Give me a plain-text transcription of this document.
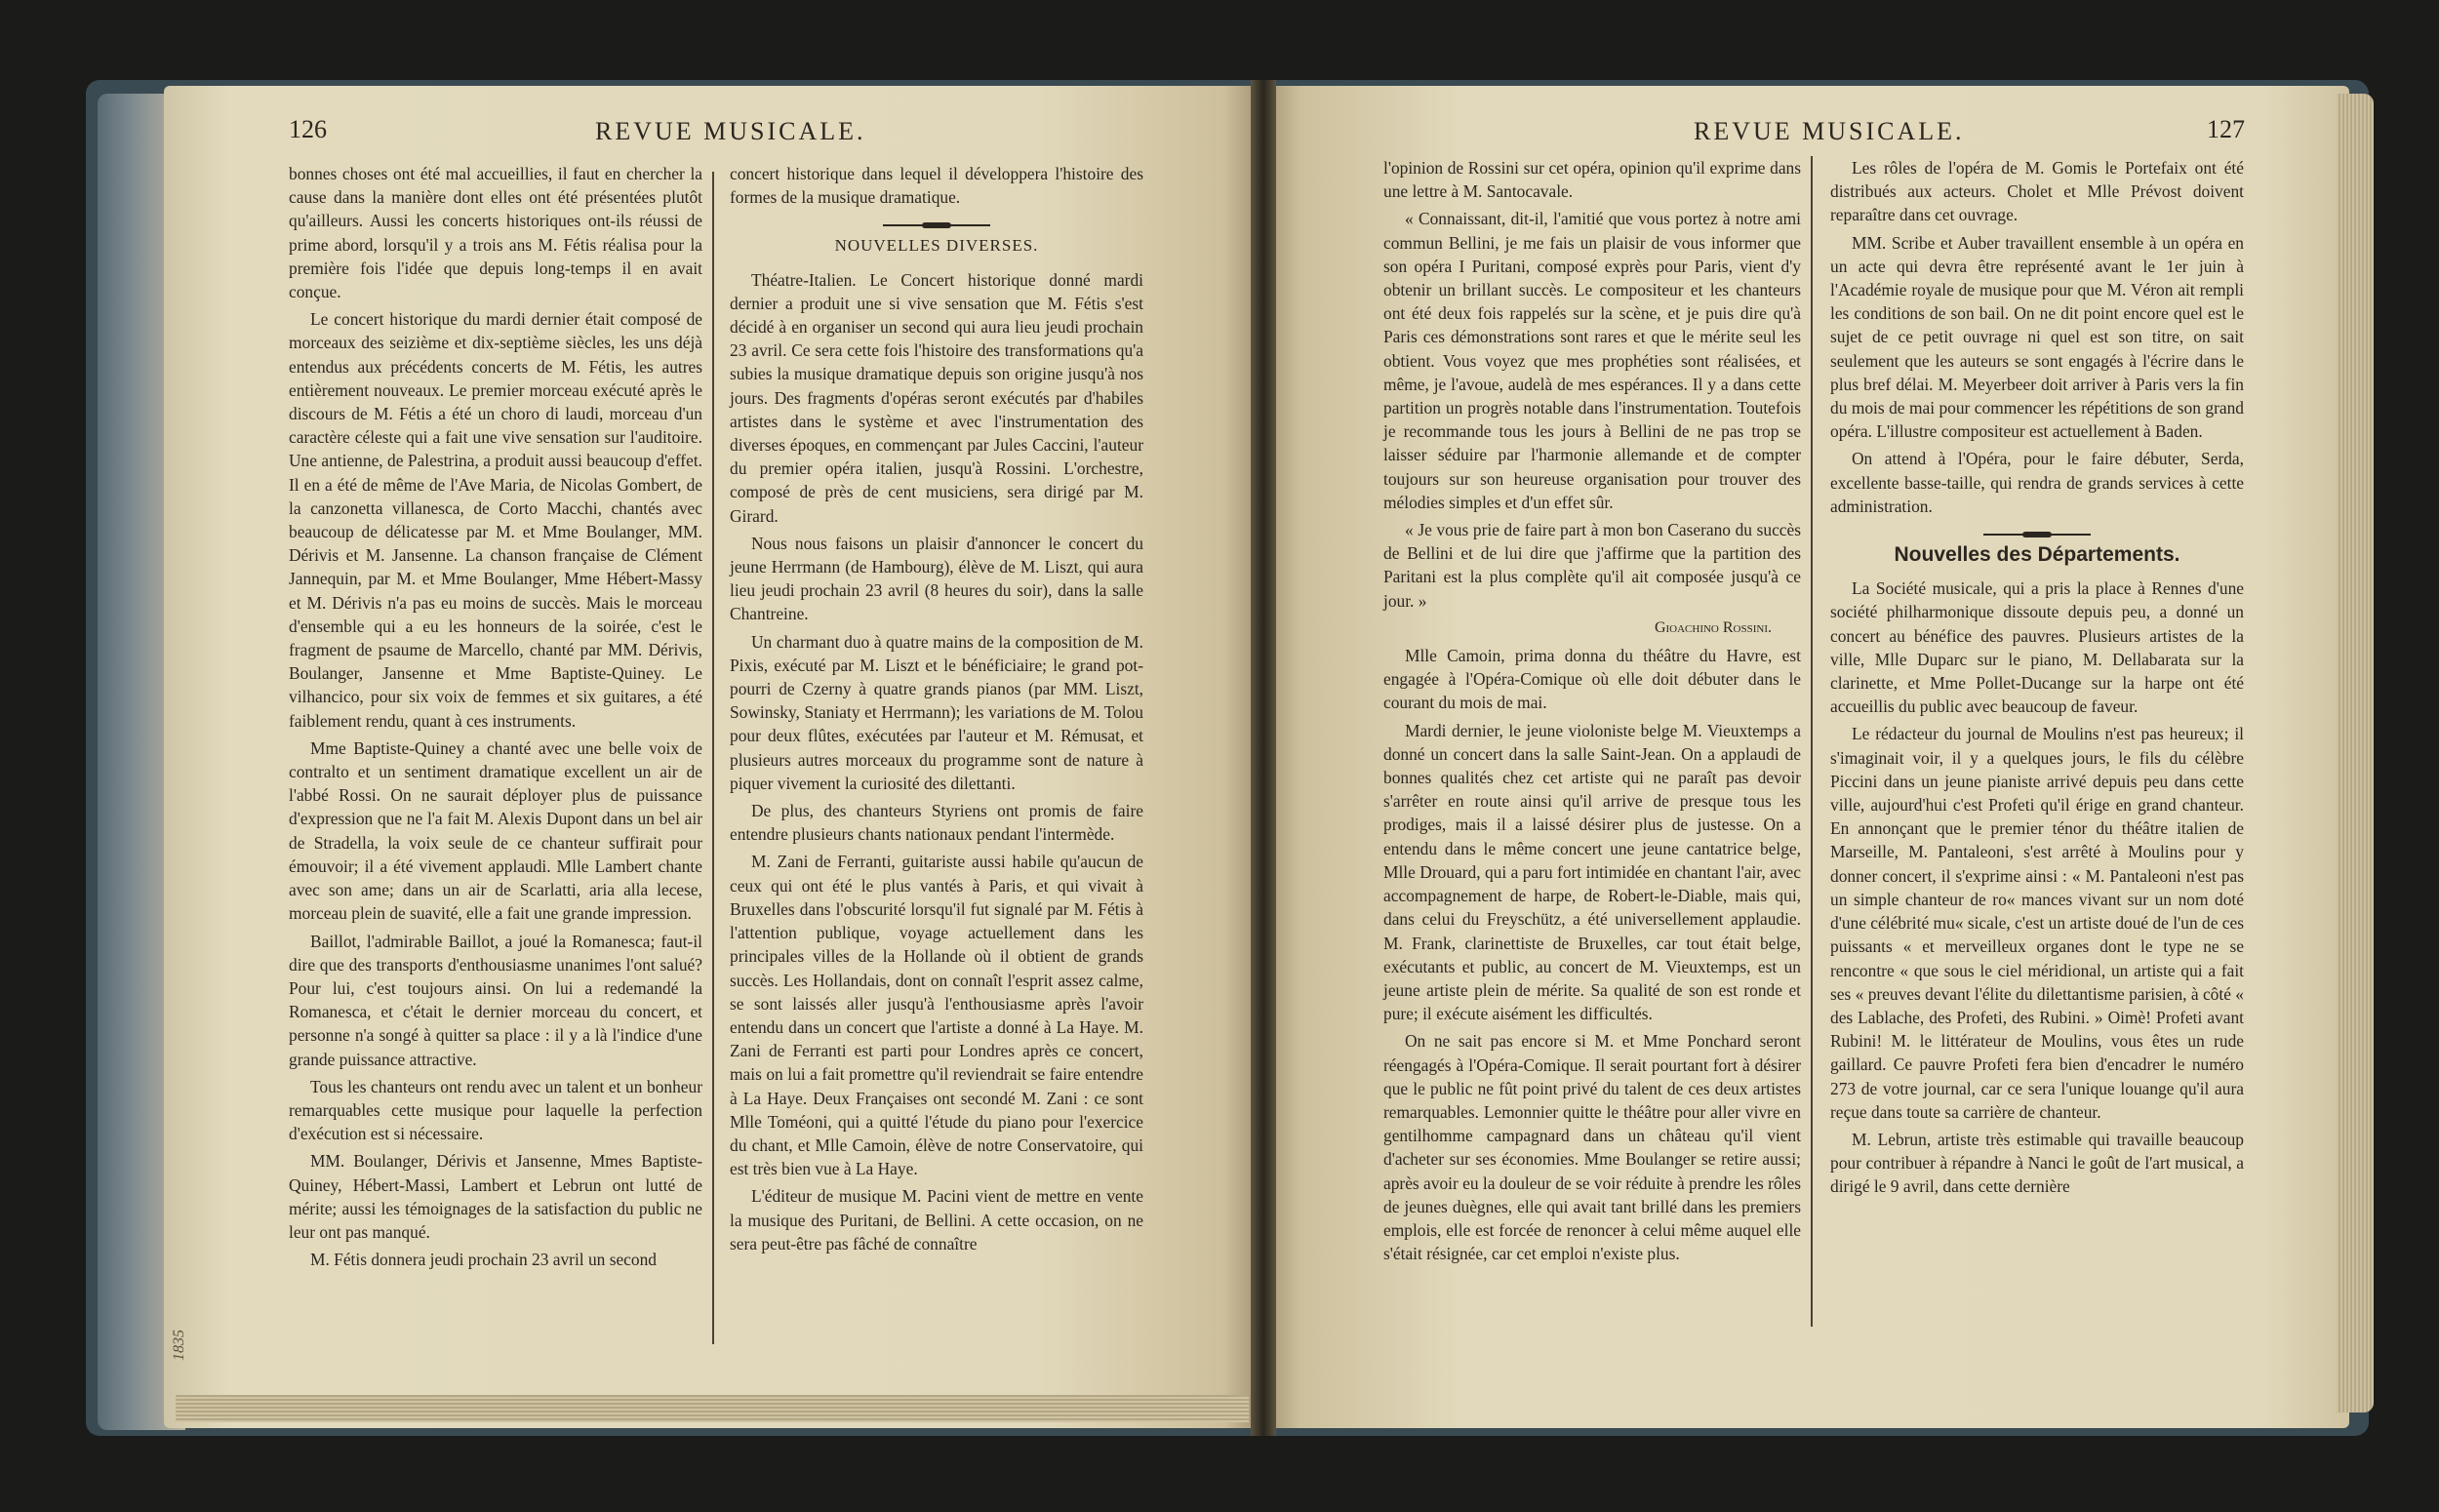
126	REVUE MUSICALE.

bonnes choses ont été mal accueillies, il faut en chercher la cause dans la manière dont elles ont été présentées plutôt qu'ailleurs. Aussi les concerts historiques ont-ils réussi de prime abord, lorsqu'il y a trois ans M. Fétis réalisa pour la première fois l'idée que depuis long-temps il en avait conçue.

Le concert historique du mardi dernier était composé de morceaux des seizième et dix-septième siècles, les uns déjà entendus aux précédents concerts de M. Fétis, les autres entièrement nouveaux. Le premier morceau exécuté après le discours de M. Fétis a été un choro di laudi, morceau d'un caractère céleste qui a fait une vive sensation sur l'auditoire. Une antienne, de Palestrina, a produit aussi beaucoup d'effet. Il en a été de même de l'Ave Maria, de Nicolas Gombert, de la canzonetta villanesca, de Corto Macchi, chantés avec beaucoup de délicatesse par M. et Mme Boulanger, MM. Dérivis et M. Jansenne. La chanson française de Clément Jannequin, par M. et Mme Boulanger, Mme Hébert-Massy et M. Dérivis n'a pas eu moins de succès. Mais le morceau d'ensemble qui a eu les honneurs de la soirée, c'est le fragment de psaume de Marcello, chanté par MM. Dérivis, Boulanger, Jansenne et Mme Baptiste-Quiney. Le vilhancico, pour six voix de femmes et six guitares, a été faiblement rendu, quant à ces instruments.

Mme Baptiste-Quiney a chanté avec une belle voix de contralto et un sentiment dramatique excellent un air de l'abbé Rossi. On ne saurait déployer plus de puissance d'expression que ne l'a fait M. Alexis Dupont dans un bel air de Stradella, la voix seule de ce chanteur suffirait pour émouvoir; il a été vivement applaudi. Mlle Lambert chante avec son ame; dans un air de Scarlatti, aria alla lecese, morceau plein de suavité, elle a fait une grande impression.

Baillot, l'admirable Baillot, a joué la Romanesca; faut-il dire que des transports d'enthousiasme unanimes l'ont salué? Pour lui, c'est toujours ainsi. On lui a redemandé la Romanesca, et c'était le dernier morceau du concert, et personne n'a songé à quitter sa place : il y a là l'indice d'une grande puissance attractive.

Tous les chanteurs ont rendu avec un talent et un bonheur remarquables cette musique pour laquelle la perfection d'exécution est si nécessaire.

MM. Boulanger, Dérivis et Jansenne, Mmes Baptiste-Quiney, Hébert-Massi, Lambert et Lebrun ont lutté de mérite; aussi les témoignages de la satisfaction du public ne leur ont pas manqué.

M. Fétis donnera jeudi prochain 23 avril un second

concert historique dans lequel il développera l'histoire des formes de la musique dramatique.

NOUVELLES DIVERSES.

Théatre-Italien. Le Concert historique donné mardi dernier a produit une si vive sensation que M. Fétis s'est décidé à en organiser un second qui aura lieu jeudi prochain 23 avril. Ce sera cette fois l'histoire des transformations qu'a subies la musique dramatique depuis son origine jusqu'à nos jours. Des fragments d'opéras seront exécutés par d'habiles artistes dans le système et avec l'instrumentation des diverses époques, en commençant par Jules Caccini, l'auteur du premier opéra italien, jusqu'à Rossini. L'orchestre, composé de près de cent musiciens, sera dirigé par M. Girard.

Nous nous faisons un plaisir d'annoncer le concert du jeune Herrmann (de Hambourg), élève de M. Liszt, qui aura lieu jeudi prochain 23 avril (8 heures du soir), dans la salle Chantreine.

Un charmant duo à quatre mains de la composition de M. Pixis, exécuté par M. Liszt et le bénéficiaire; le grand pot-pourri de Czerny à quatre grands pianos (par MM. Liszt, Sowinsky, Staniaty et Herrmann); les variations de M. Tolou pour deux flûtes, exécutées par l'auteur et M. Rémusat, et plusieurs autres morceaux du programme sont de nature à piquer vivement la curiosité des dilettanti.

De plus, des chanteurs Styriens ont promis de faire entendre plusieurs chants nationaux pendant l'intermède.

M. Zani de Ferranti, guitariste aussi habile qu'aucun de ceux qui ont été le plus vantés à Paris, et qui vivait à Bruxelles dans l'obscurité lorsqu'il fut signalé par M. Fétis à l'attention publique, voyage actuellement dans les principales villes de la Hollande où il obtient de grands succès. Les Hollandais, dont on connaît l'esprit assez calme, se sont laissés aller jusqu'à l'enthousiasme après l'avoir entendu dans un concert que l'artiste a donné à La Haye. M. Zani de Ferranti est parti pour Londres après ce concert, mais on lui a fait promettre qu'il reviendrait se faire entendre à La Haye. Deux Françaises ont secondé M. Zani : ce sont Mlle Toméoni, qui a quitté l'étude du piano pour l'exercice du chant, et Mlle Camoin, élève de notre Conservatoire, qui est très bien vue à La Haye.

L'éditeur de musique M. Pacini vient de mettre en vente la musique des Puritani, de Bellini. A cette occasion, on ne sera peut-être pas fâché de connaître

1835
REVUE MUSICALE.	127

l'opinion de Rossini sur cet opéra, opinion qu'il exprime dans une lettre à M. Santocavale.

« Connaissant, dit-il, l'amitié que vous portez à notre ami commun Bellini, je me fais un plaisir de vous informer que son opéra I Puritani, composé exprès pour Paris, vient d'y obtenir un brillant succès. Le compositeur et les chanteurs ont été deux fois rappelés sur la scène, et je puis dire qu'à Paris ces démonstrations sont rares et que le mérite seul les obtient. Vous voyez que mes prophéties sont réalisées, et même, je l'avoue, audelà de mes espérances. Il y a dans cette partition un progrès notable dans l'instrumentation. Toutefois je recommande tous les jours à Bellini de ne pas trop se laisser séduire par l'harmonie allemande et de compter toujours sur son heureuse organisation pour trouver des mélodies simples et d'un effet sûr.

« Je vous prie de faire part à mon bon Caserano du succès de Bellini et de lui dire que j'affirme que la partition des Paritani est la plus complète qu'il ait composée jusqu'à ce jour. »

Gioachino Rossini.

Mlle Camoin, prima donna du théâtre du Havre, est engagée à l'Opéra-Comique où elle doit débuter dans le courant du mois de mai.

Mardi dernier, le jeune violoniste belge M. Vieuxtemps a donné un concert dans la salle Saint-Jean. On a applaudi de bonnes qualités chez cet artiste qui ne paraît pas devoir s'arrêter en route ainsi qu'il arrive de presque tous les prodiges, mais il a laissé désirer plus de justesse. On a entendu dans le même concert une jeune cantatrice belge, Mlle Drouard, qui a paru fort intimidée en chantant l'air, avec accompagnement de harpe, de Robert-le-Diable, mais qui, dans celui du Freyschütz, a été universellement applaudie. M. Frank, clarinettiste de Bruxelles, car tout était belge, exécutants et public, au concert de M. Vieuxtemps, est un jeune artiste plein de mérite. Sa qualité de son est ronde et pure; il exécute aisément les difficultés.

On ne sait pas encore si M. et Mme Ponchard seront réengagés à l'Opéra-Comique. Il serait pourtant fort à désirer que le public ne fût point privé du talent de ces deux artistes remarquables. Lemonnier quitte le théâtre pour aller vivre en gentilhomme campagnard dans un château qu'il vient d'acheter sur ses économies. Mme Boulanger se retire aussi; après avoir eu la douleur de se voir réduite à prendre les rôles de jeunes duègnes, elle qui avait tant brillé dans les premiers emplois, elle est forcée de renoncer à celui même auquel elle s'était résignée, car cet emploi n'existe plus.

Les rôles de l'opéra de M. Gomis le Portefaix ont été distribués aux acteurs. Cholet et Mlle Prévost doivent reparaître dans cet ouvrage.

MM. Scribe et Auber travaillent ensemble à un opéra en un acte qui devra être représenté avant le 1er juin à l'Académie royale de musique pour que M. Véron ait rempli les conditions de son bail. On ne dit point encore quel est le sujet de ce petit ouvrage ni quel est son titre, on sait seulement que les auteurs se sont engagés à l'écrire dans le plus bref délai. M. Meyerbeer doit arriver à Paris vers la fin du mois de mai pour commencer les répétitions de son grand opéra. L'illustre compositeur est actuellement à Baden.

On attend à l'Opéra, pour le faire débuter, Serda, excellente basse-taille, qui rendra de grands services à cette administration.

Nouvelles des Départements.

La Société musicale, qui a pris la place à Rennes d'une société philharmonique dissoute depuis peu, a donné un concert au bénéfice des pauvres. Plusieurs artistes de la ville, Mlle Duparc sur le piano, M. Dellabarata sur la clarinette, et Mme Pollet-Ducange sur la harpe ont été accueillis du public avec beaucoup de faveur.

Le rédacteur du journal de Moulins n'est pas heureux; il s'imaginait voir, il y a quelques jours, le fils du célèbre Piccini dans un jeune pianiste arrivé depuis peu dans cette ville, aujourd'hui c'est Profeti qu'il érige en grand chanteur. En annonçant que le premier ténor du théâtre italien de Marseille, M. Pantaleoni, s'est arrêté à Moulins pour y donner concert, il s'exprime ainsi : « M. Pantaleoni n'est pas un simple chanteur de ro« mances vivant sur un nom doté d'une célébrité mu« sicale, c'est un artiste doué de l'un de ces puissants « et merveilleux organes dont le type ne se rencontre « que sous le ciel méridional, un artiste qui a fait ses « preuves devant l'élite du dilettantisme parisien, à côté « des Lablache, des Profeti, des Rubini. » Oimè! Profeti avant Rubini! M. le littérateur de Moulins, vous êtes un rude gaillard. Ce pauvre Profeti fera bien d'encadrer le numéro 273 de votre journal, car ce sera l'unique louange qu'il aura reçue dans toute sa carrière de chanteur.

M. Lebrun, artiste très estimable qui travaille beaucoup pour contribuer à répandre à Nanci le goût de l'art musical, a dirigé le 9 avril, dans cette dernière
